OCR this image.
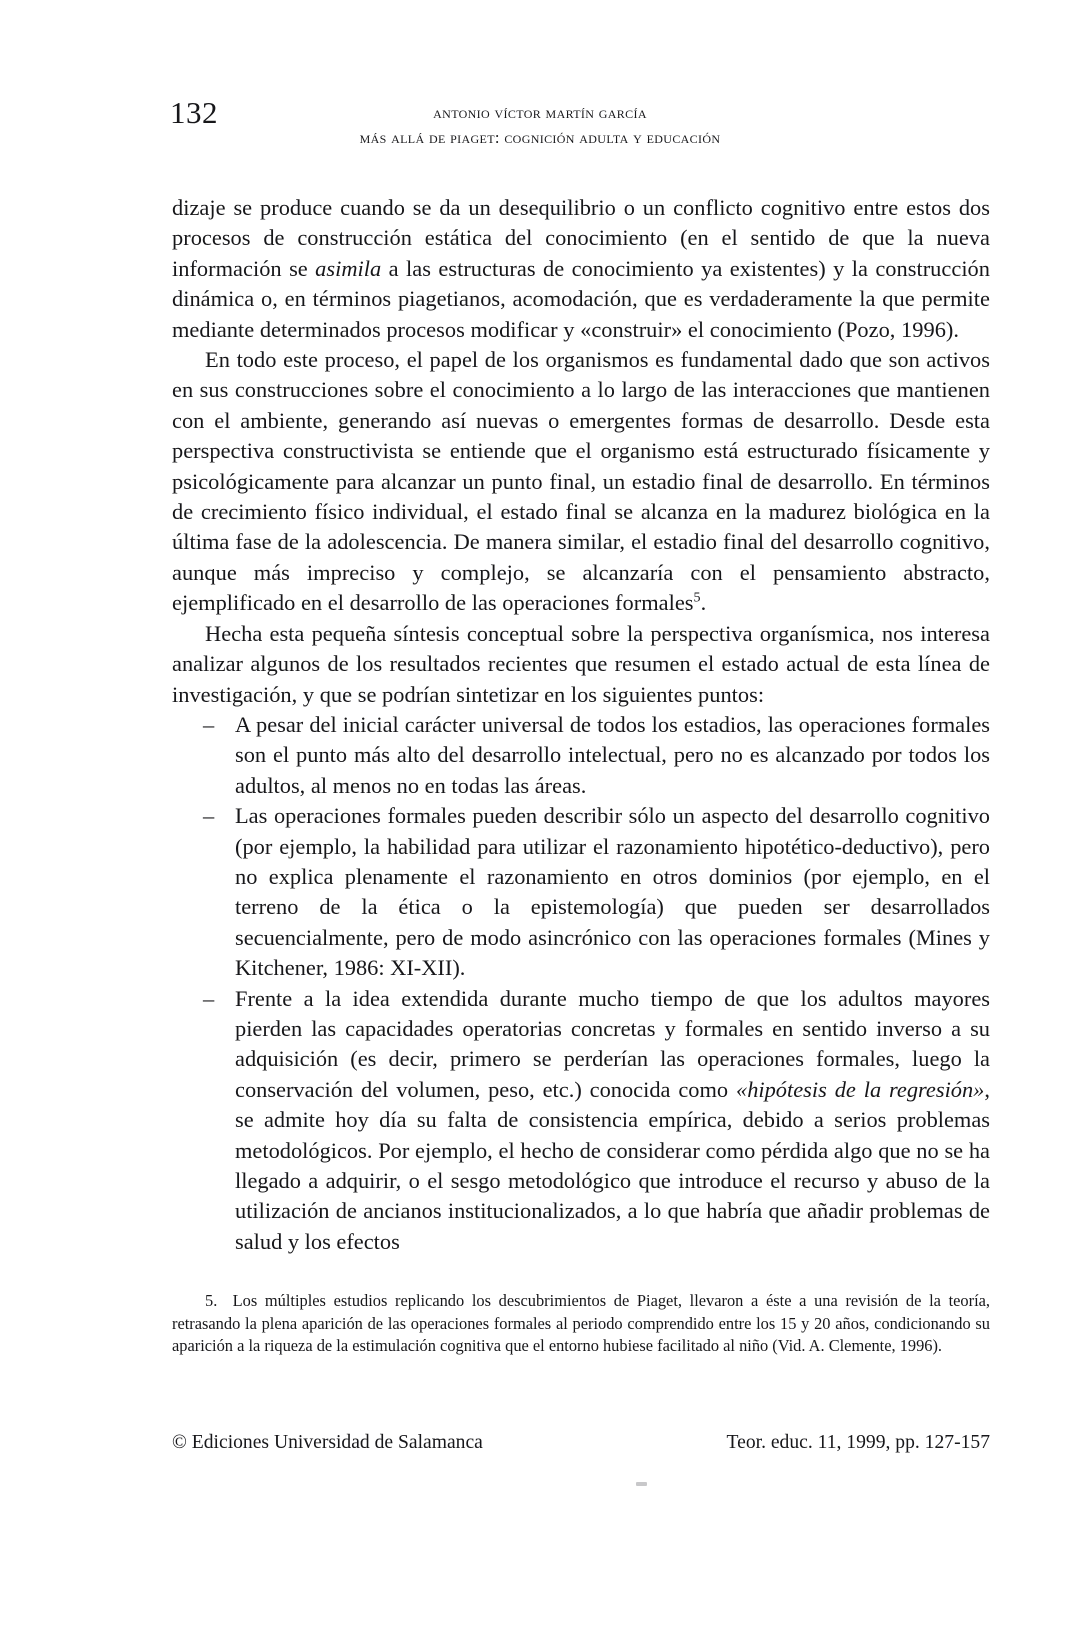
132	antonio víctor martín garcía
más allá de piaget: cognición adulta y educación

dizaje se produce cuando se da un desequilibrio o un conflicto cognitivo entre estos dos procesos de construcción estática del conocimiento (en el sentido de que la nueva información se asimila a las estructuras de conocimiento ya existentes) y la construcción dinámica o, en términos piagetianos, acomodación, que es verdaderamente la que permite mediante determinados procesos modificar y «construir» el conocimiento (Pozo, 1996).

En todo este proceso, el papel de los organismos es fundamental dado que son activos en sus construcciones sobre el conocimiento a lo largo de las interacciones que mantienen con el ambiente, generando así nuevas o emergentes formas de desarrollo. Desde esta perspectiva constructivista se entiende que el organismo está estructurado físicamente y psicológicamente para alcanzar un punto final, un estadio final de desarrollo. En términos de crecimiento físico individual, el estado final se alcanza en la madurez biológica en la última fase de la adolescencia. De manera similar, el estadio final del desarrollo cognitivo, aunque más impreciso y complejo, se alcanzaría con el pensamiento abstracto, ejemplificado en el desarrollo de las operaciones formales$^5$.

Hecha esta pequeña síntesis conceptual sobre la perspectiva organísmica, nos interesa analizar algunos de los resultados recientes que resumen el estado actual de esta línea de investigación, y que se podrían sintetizar en los siguientes puntos:

– A pesar del inicial carácter universal de todos los estadios, las operaciones formales son el punto más alto del desarrollo intelectual, pero no es alcanzado por todos los adultos, al menos no en todas las áreas.
– Las operaciones formales pueden describir sólo un aspecto del desarrollo cognitivo (por ejemplo, la habilidad para utilizar el razonamiento hipotético-deductivo), pero no explica plenamente el razonamiento en otros dominios (por ejemplo, en el terreno de la ética o la epistemología) que pueden ser desarrollados secuencialmente, pero de modo asincrónico con las operaciones formales (Mines y Kitchener, 1986: XI-XII).
– Frente a la idea extendida durante mucho tiempo de que los adultos mayores pierden las capacidades operatorias concretas y formales en sentido inverso a su adquisición (es decir, primero se perderían las operaciones formales, luego la conservación del volumen, peso, etc.) conocida como «hipótesis de la regresión», se admite hoy día su falta de consistencia empírica, debido a serios problemas metodológicos. Por ejemplo, el hecho de considerar como pérdida algo que no se ha llegado a adquirir, o el sesgo metodológico que introduce el recurso y abuso de la utilización de ancianos institucionalizados, a lo que habría que añadir problemas de salud y los efectos

5. Los múltiples estudios replicando los descubrimientos de Piaget, llevaron a éste a una revisión de la teoría, retrasando la plena aparición de las operaciones formales al periodo comprendido entre los 15 y 20 años, condicionando su aparición a la riqueza de la estimulación cognitiva que el entorno hubiese facilitado al niño (Vid. A. Clemente, 1996).

© Ediciones Universidad de Salamanca	Teor. educ. 11, 1999, pp. 127-157
